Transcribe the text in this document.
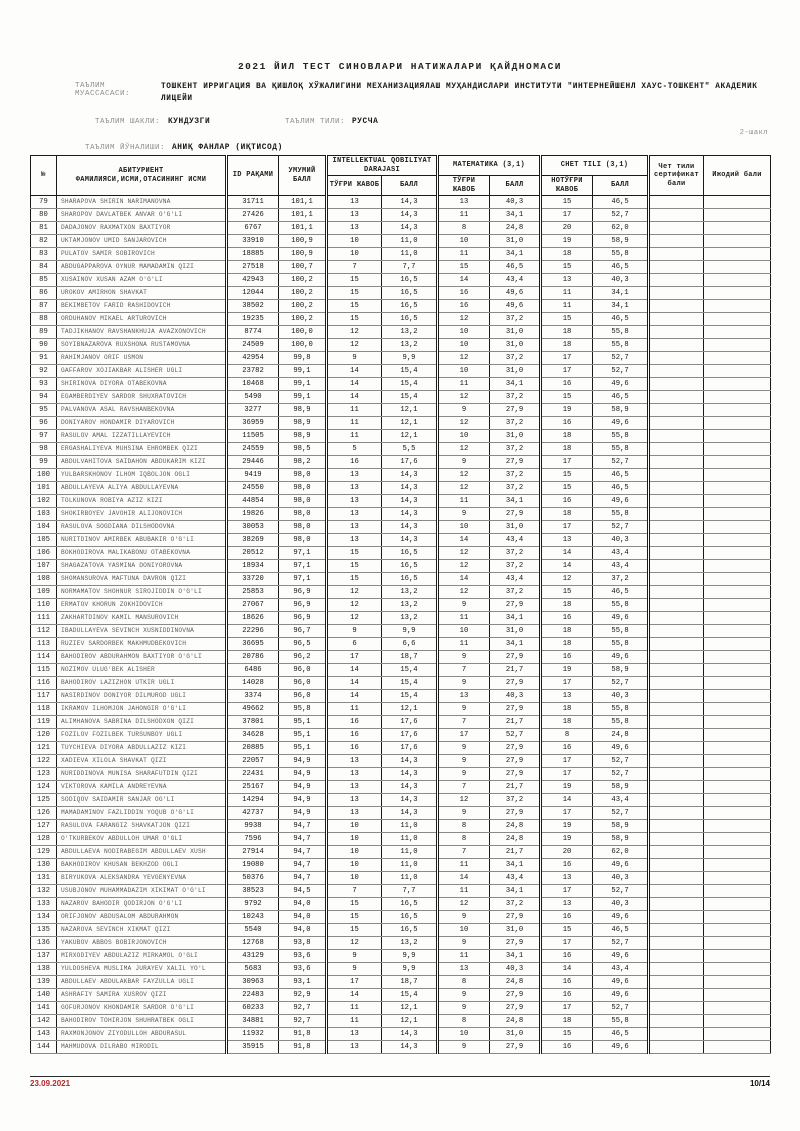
2021 ЙИЛ ТЕСТ СИНОВЛАРИ НАТИЖАЛАРИ ҚАЙДНОМАСИ
ТАЪЛИМ МУАССАСАСИ:
ТОШКЕНТ ИРРИГАЦИЯ ВА ҚИШЛОҚ ХЎЖАЛИГИНИ МЕХАНИЗАЦИЯЛАШ МУҲАНДИСЛАРИ ИНСТИТУТИ "ИНТЕРНЕЙШЕНЛ ХАУС-ТОШКЕНТ" АКАДЕМИК ЛИЦЕЙИ
ТАЪЛИМ ШАКЛИ: КУНДУЗГИ	ТАЪЛИМ ТИЛИ: РУСЧА
2-шакл
ТАЪЛИМ ЙЎНАЛИШИ: АНИҚ ФАНЛАР (ИҚТИСОД)
№	АБИТУРИЕНТ
ФАМИЛИЯСИ,ИСМИ,ОТАСИНИНГ ИСМИ	ID РАҚАМИ	УМУМИЙ БАЛЛ	INTELLEKTUAL QOBILIYAT DARAJASI		МАТЕМАТИКА (3,1)		CHET TILI (3,1)		Чет тили сертификат бали	Ижодий бали
				ТЎҒРИ ЖАВОБ	БАЛЛ	ТЎҒРИ ЖАВОБ	БАЛЛ	НОТЎҒРИ ЖАВОБ	БАЛЛ		
79	SHARAPOVA SHIRIN NARIMANOVNA	31711	101,1	13	14,3	13	40,3	15	46,5		
80	SHAROPOV DAVLATBEK ANVAR O'G'LI	27426	101,1	13	14,3	11	34,1	17	52,7		
81	DADAJONOV RAXMATXON BAXTIYOR	6767	101,1	13	14,3	8	24,8	20	62,0		
82	UKTAMJONOV UMID SANJAROVICH	33910	100,9	10	11,0	10	31,0	19	58,9		
83	PULATOV SAMIR SOBIROVICH	18885	100,9	10	11,0	11	34,1	18	55,8		
84	ABDUGAPPAROVA OYNUR MAMADAMIN QIZI	27518	100,7	7	7,7	15	46,5	15	46,5		
85	XUSAINOV XUSAN AZAM O'G'LI	42943	100,2	15	16,5	14	43,4	13	40,3		
86	UROKOV AMIRHON SHAVKAT	12044	100,2	15	16,5	16	49,6	11	34,1		
87	BEKIMBETOV FARID RASHIDOVICH	38502	100,2	15	16,5	16	49,6	11	34,1		
88	ORDUHANOV MIKAEL ARTUROVICH	19235	100,2	15	16,5	12	37,2	15	46,5		
89	TADJIKHANOV RAVSHANKHUJA AVAZXONOVICH	8774	100,0	12	13,2	10	31,0	18	55,8		
90	SOYIBNAZAROVA RUXSHONA RUSTAMOVNA	24509	100,0	12	13,2	10	31,0	18	55,8		
91	RAHIMJANOV ORIF USMON	42954	99,8	9	9,9	12	37,2	17	52,7		
92	GAFFAROV XOJIAKBAR ALISHER UGLI	23782	99,1	14	15,4	10	31,0	17	52,7		
93	SHIRINOVA DIYORA OTABEKOVNA	10468	99,1	14	15,4	11	34,1	16	49,6		
94	EGAMBERDIYEV SARDOR SHUXRATOVICH	5490	99,1	14	15,4	12	37,2	15	46,5		
95	PALVANOVA ASAL RAVSHANBEKOVNA	3277	98,9	11	12,1	9	27,9	19	58,9		
96	DONIYAROV HONDAMIR DIYAROVICH	36959	98,9	11	12,1	12	37,2	16	49,6		
97	RASULOV AMAL IZZATILLAYEVICH	11505	98,9	11	12,1	10	31,0	18	55,8		
98	ERGASHALIYEVA MUHSINA EHROMBEK QIZI	24559	98,5	5	5,5	12	37,2	18	55,8		
99	ABDULVAHITOVA SAIDAHON ABDUKARIM KIZI	29446	98,2	16	17,6	9	27,9	17	52,7		
100	YULBARSKHONOV ILHOM IQBOLJON OGLI	9419	98,0	13	14,3	12	37,2	15	46,5		
101	ABDULLAYEVA ALIYA ABDULLAYEVNA	24550	98,0	13	14,3	12	37,2	15	46,5		
102	TOLKUNOVA ROBIYA AZIZ KIZI	44854	98,0	13	14,3	11	34,1	16	49,6		
103	SHOKIRBOYEV JAVOHIR ALIJONOVICH	19826	98,0	13	14,3	9	27,9	18	55,8		
104	RASULOVA SOGDIANA DILSHODOVNA	30053	98,0	13	14,3	10	31,0	17	52,7		
105	NURITDINOV AMIRBEK ABUBAKIR O'G'LI	38269	98,0	13	14,3	14	43,4	13	40,3		
106	BOKHODIROVA MALIKABONU OTABEKOVNA	20512	97,1	15	16,5	12	37,2	14	43,4		
107	SHAGAZATOVA YASMINA DONIYOROVNA	18934	97,1	15	16,5	12	37,2	14	43,4		
108	SHOMANSUROVA MAFTUNA DAVRON QIZI	33720	97,1	15	16,5	14	43,4	12	37,2		
109	NORMAMATOV SHOHNUR SIROJIDDIN O'G'LI	25853	96,9	12	13,2	12	37,2	15	46,5		
110	ERMATOV KHORUN ZOKHIDOVICH	27067	96,9	12	13,2	9	27,9	18	55,8		
111	ZAKHARTDINOV KAMIL MANSUROVICH	18626	96,9	12	13,2	11	34,1	16	49,6		
112	IBADULLAYEVA SEVINCH XUSNIDDINOVNA	22296	96,7	9	9,9	10	31,0	18	55,8		
113	RUZIEV SARDORBEK MAKHMUDBEKOVICH	36695	96,5	6	6,6	11	34,1	18	55,8		
114	BAHODIROV ABDURAHMON BAXTIYOR O'G'LI	20786	96,2	17	18,7	9	27,9	16	49,6		
115	NOZIMOV ULUG'BEK ALISHER	6486	96,0	14	15,4	7	21,7	19	58,9		
116	BAHODIROV LAZIZHON UTKIR UGLI	14028	96,0	14	15,4	9	27,9	17	52,7		
117	NASIRDINOV DONIYOR DILMUROD UGLI	3374	96,0	14	15,4	13	40,3	13	40,3		
118	IKRAMOV ILHOMJON JAHONGIR O'G'LI	49662	95,8	11	12,1	9	27,9	18	55,8		
119	ALIMHANOVA SABRINA DILSHODXON QIZI	37801	95,1	16	17,6	7	21,7	18	55,8		
120	FOZILOV FOZILBEK TURSUNBOY UGLI	34628	95,1	16	17,6	17	52,7	8	24,8		
121	TUYCHIEVA DIYORA ABDULLAZIZ KIZI	20885	95,1	16	17,6	9	27,9	16	49,6		
122	XADIEVA XILOLA SHAVKAT QIZI	22057	94,9	13	14,3	9	27,9	17	52,7		
123	NURIDDINOVA MUNISA SHARAFUTDIN QIZI	22431	94,9	13	14,3	9	27,9	17	52,7		
124	VIKTOROVA KAMILA ANDREYEVNA	25167	94,9	13	14,3	7	21,7	19	58,9		
125	SODIQOV SAIDAMIR SANJAR OG'LI	14294	94,9	13	14,3	12	37,2	14	43,4		
126	MAMADAMINOV FAZLIDDIN YOQUB O'G'LI	42737	94,9	13	14,3	9	27,9	17	52,7		
127	RASULOVA FARANGIZ SHAVKATJON QIZI	9938	94,7	10	11,0	8	24,8	19	58,9		
128	O'TKURBEKOV ABDULLOH UMAR O'GLI	7596	94,7	10	11,0	8	24,8	19	58,9		
129	ABDULLAEVA NODIRABEGIM ABDULLAEV XUSH	27914	94,7	10	11,0	7	21,7	20	62,0		
130	BAKHODIROV KHUSAN BEKHZOD OGLI	19080	94,7	10	11,0	11	34,1	16	49,6		
131	BIRYUKOVA ALEKSANDRA YEVGENYEVNA	50376	94,7	10	11,0	14	43,4	13	40,3		
132	USUBJONOV MUHAMMADAZIM XIKIMAT O'G'LI	38523	94,5	7	7,7	11	34,1	17	52,7		
133	NAZAROV BAHODIR QODIRJON O'G'LI	9792	94,0	15	16,5	12	37,2	13	40,3		
134	ORIFJONOV ABDUSALOM ABDURAHMON	10243	94,0	15	16,5	9	27,9	16	49,6		
135	NAZAROVA SEVINCH XIKMAT QIZI	5540	94,0	15	16,5	10	31,0	15	46,5		
136	YAKUBOV ABBOS BOBIRJONOVICH	12768	93,8	12	13,2	9	27,9	17	52,7		
137	MIRXODIYEV ABDULAZIZ MIRKAMOL O'GLI	43129	93,6	9	9,9	11	34,1	16	49,6		
138	YULDOSHEVA MUSLIMA JURAYEV XALIL YO'L	5683	93,6	9	9,9	13	40,3	14	43,4		
139	ABDULLAEV ABDULAKBAR FAYZULLA UGLI	30963	93,1	17	18,7	8	24,8	16	49,6		
140	ASHRAFIY SAMIRA XUSROV QIZI	22483	92,9	14	15,4	9	27,9	16	49,6		
141	GOFURJONOV KHONDAMIR SARDOR O'G'LI	60233	92,7	11	12,1	9	27,9	17	52,7		
142	BAHODIROV TOHIRJON SHUHRATBEK OGLI	34881	92,7	11	12,1	8	24,8	18	55,8		
143	RAXMONJONOV ZIYODULLOH ABDURASUL	11932	91,8	13	14,3	10	31,0	15	46,5		
144	MAHMUDOVA DILRABO MIRODIL	35915	91,8	13	14,3	9	27,9	16	49,6		
23.09.2021	10/14
